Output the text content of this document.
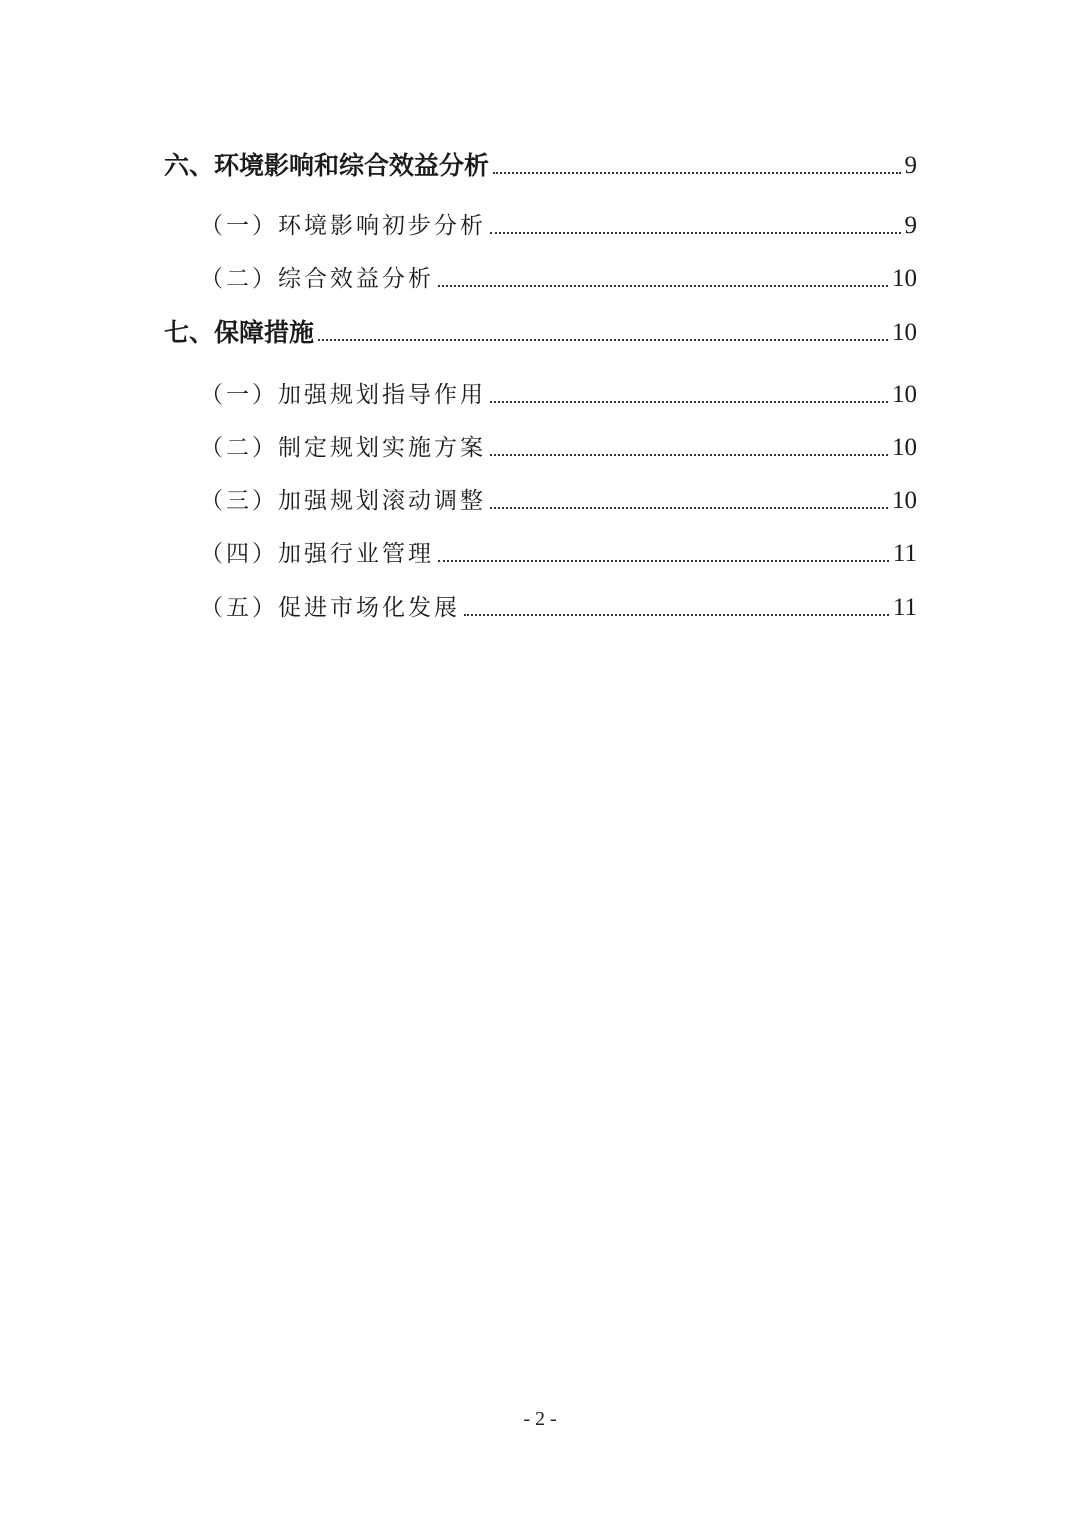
六、环境影响和综合效益分析	9
（一）环境影响初步分析	9
（二）综合效益分析	10
七、保障措施	10
（一）加强规划指导作用	10
（二）制定规划实施方案	10
（三）加强规划滚动调整	10
（四）加强行业管理	11
（五）促进市场化发展	11
- 2 -
